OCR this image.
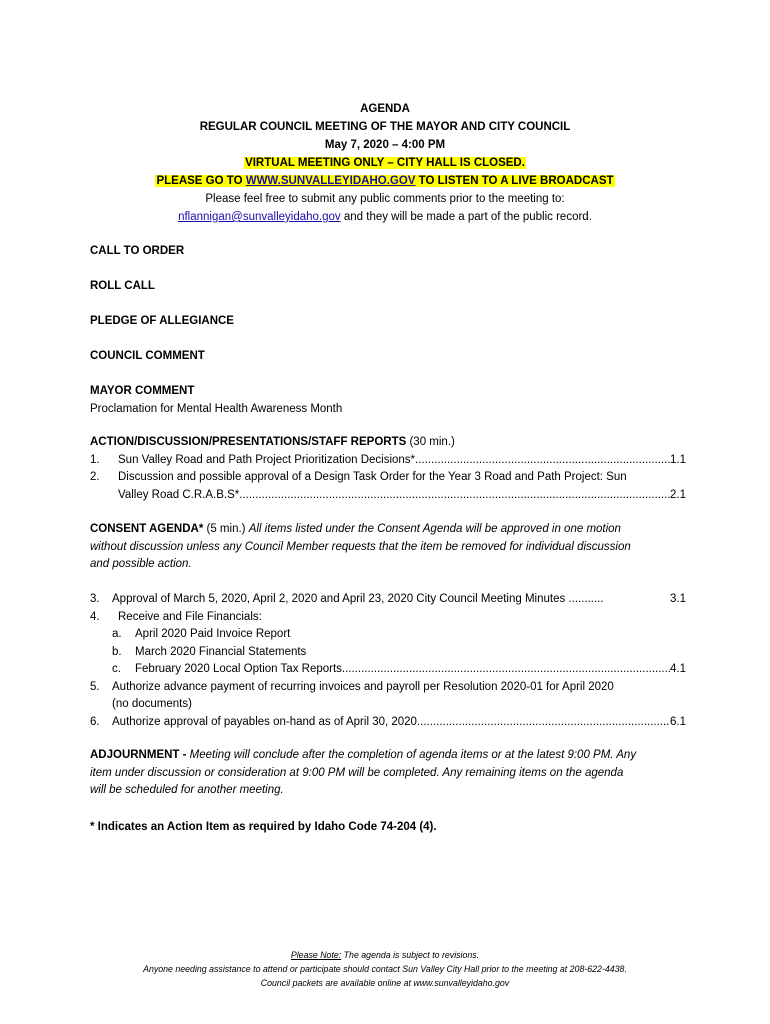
AGENDA
REGULAR COUNCIL MEETING OF THE MAYOR AND CITY COUNCIL
May 7, 2020 – 4:00 PM
VIRTUAL MEETING ONLY – CITY HALL IS CLOSED.
PLEASE GO TO WWW.SUNVALLEYIDAHO.GOV TO LISTEN TO A LIVE BROADCAST
Please feel free to submit any public comments prior to the meeting to:
nflannigan@sunvalleyidaho.gov and they will be made a part of the public record.
CALL TO ORDER
ROLL CALL
PLEDGE OF ALLEGIANCE
COUNCIL COMMENT
MAYOR COMMENT
Proclamation for Mental Health Awareness Month
ACTION/DISCUSSION/PRESENTATIONS/STAFF REPORTS (30 min.)
1. Sun Valley Road and Path Project Prioritization Decisions* .....	1.1
2. Discussion and possible approval of a Design Task Order for the Year 3 Road and Path Project: Sun
Valley Road C.R.A.B.S* .....	2.1
CONSENT AGENDA* (5 min.) All items listed under the Consent Agenda will be approved in one motion
without discussion unless any Council Member requests that the item be removed for individual discussion
and possible action.
3. Approval of March 5, 2020, April 2, 2020 and April 23, 2020 City Council Meeting Minutes ...........	3.1
4. Receive and File Financials:
a. April 2020 Paid Invoice Report
b. March 2020 Financial Statements
c. February 2020 Local Option Tax Reports .....	4.1
5. Authorize advance payment of recurring invoices and payroll per Resolution 2020-01 for April 2020
(no documents)
6. Authorize approval of payables on-hand as of April 30, 2020 .....	6.1
ADJOURNMENT - Meeting will conclude after the completion of agenda items or at the latest 9:00 PM. Any
item under discussion or consideration at 9:00 PM will be completed. Any remaining items on the agenda
will be scheduled for another meeting.
* Indicates an Action Item as required by Idaho Code 74-204 (4).
Please Note: The agenda is subject to revisions.
Anyone needing assistance to attend or participate should contact Sun Valley City Hall prior to the meeting at 208-622-4438.
Council packets are available online at www.sunvalleyidaho.gov
